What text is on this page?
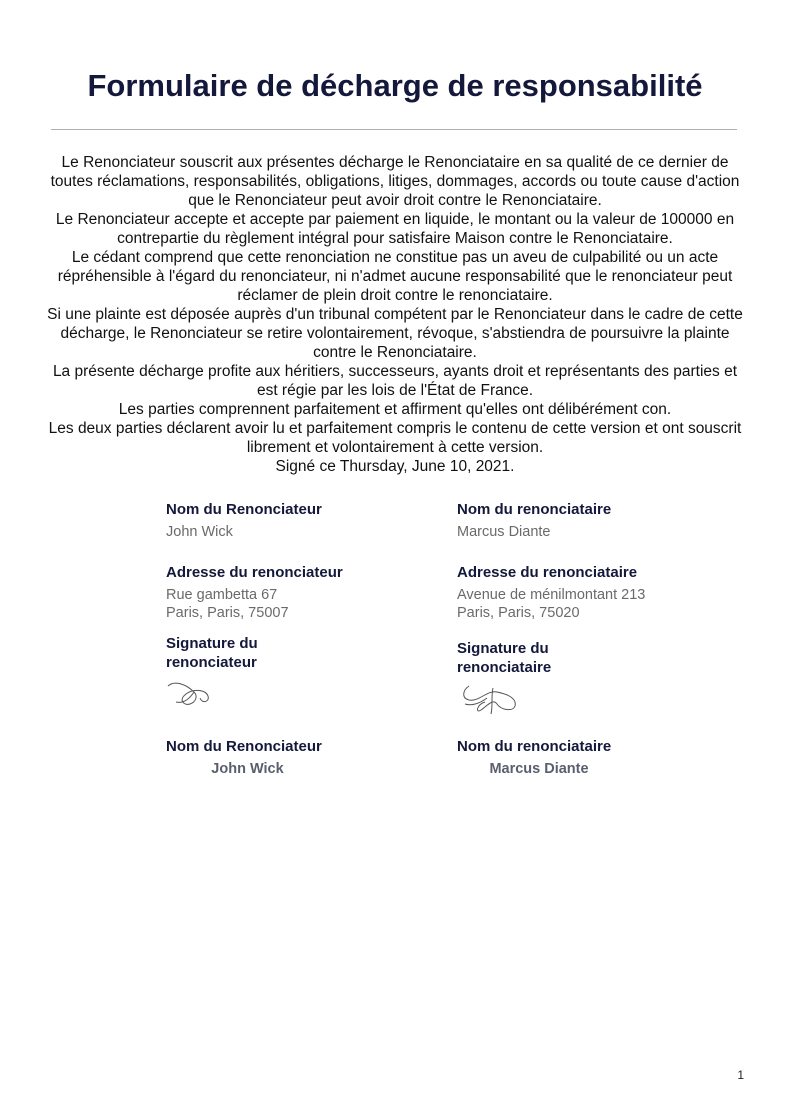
Formulaire de décharge de responsabilité

Le Renonciateur souscrit aux présentes décharge le Renonciataire en sa qualité de ce dernier de toutes réclamations, responsabilités, obligations, litiges, dommages, accords ou toute cause d'action que le Renonciateur peut avoir droit contre le Renonciataire.

Le Renonciateur accepte et accepte par paiement en liquide, le montant ou la valeur de 100000 en contrepartie du règlement intégral pour satisfaire Maison contre le Renonciataire.

Le cédant comprend que cette renonciation ne constitue pas un aveu de culpabilité ou un acte répréhensible à l'égard du renonciateur, ni n'admet aucune responsabilité que le renonciateur peut réclamer de plein droit contre le renonciataire.

Si une plainte est déposée auprès d'un tribunal compétent par le Renonciateur dans le cadre de cette décharge, le Renonciateur se retire volontairement, révoque, s'abstiendra de poursuivre la plainte contre le Renonciataire.

La présente décharge profite aux héritiers, successeurs, ayants droit et représentants des parties et est régie par les lois de l'État de France.

Les parties comprennent parfaitement et affirment qu'elles ont délibérément con.

Les deux parties déclarent avoir lu et parfaitement compris le contenu de cette version et ont souscrit librement et volontairement à cette version.

Signé ce Thursday, June 10, 2021.

Nom du Renonciateur

John Wick

Adresse du renonciateur

Rue gambetta 67

Paris, Paris, 75007

Signature du renonciateur

Nom du Renonciateur

John Wick

Nom du renonciataire

Marcus Diante

Adresse du renonciataire

Avenue de ménilmontant 213

Paris, Paris, 75020

Signature du renonciataire

Nom du renonciataire

Marcus Diante
1
